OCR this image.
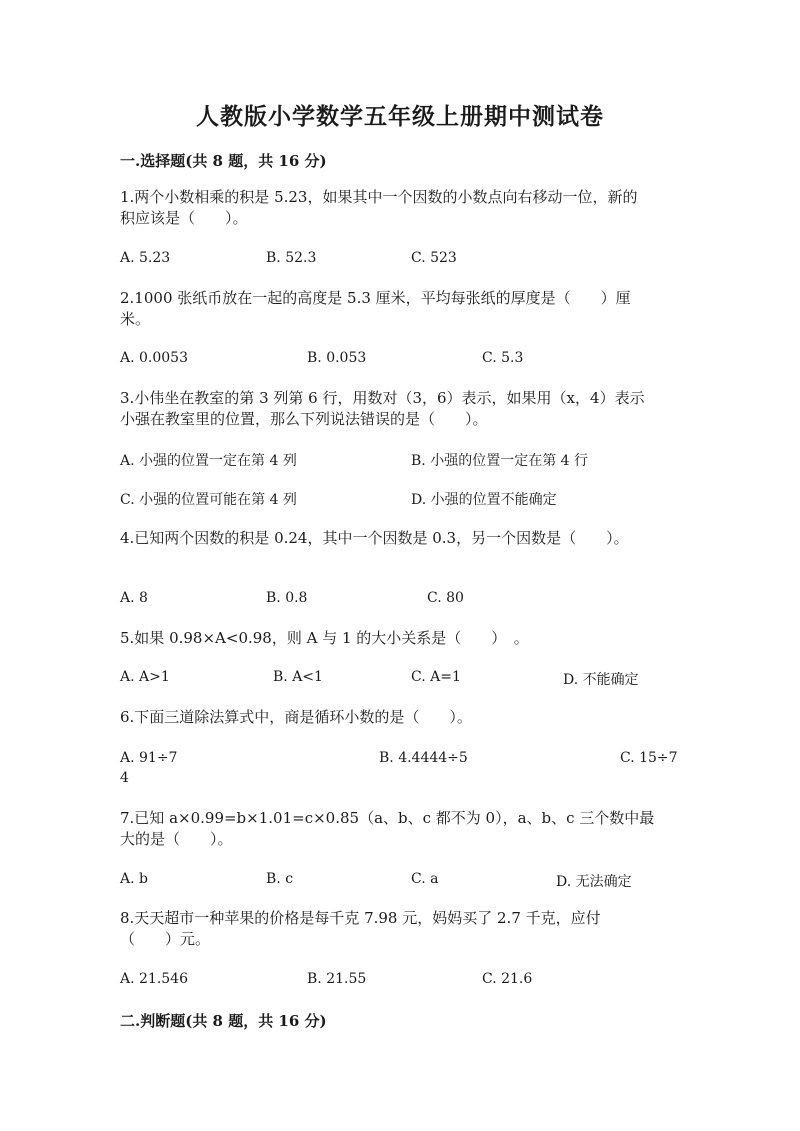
人教版小学数学五年级上册期中测试卷
一.选择题(共 8 题，共 16 分)
1.两个小数相乘的积是 5.23，如果其中一个因数的小数点向右移动一位，新的
积应该是（　　）。
A. 5.23	B. 52.3	C. 523
2.1000 张纸币放在一起的高度是 5.3 厘米，平均每张纸的厚度是（　　）厘
米。
A. 0.0053	B. 0.053	C. 5.3
3.小伟坐在教室的第 3 列第 6 行，用数对（3，6）表示，如果用（x，4）表示
小强在教室里的位置，那么下列说法错误的是（　　）。
A. 小强的位置一定在第 4 列	B. 小强的位置一定在第 4 行
C. 小强的位置可能在第 4 列	D. 小强的位置不能确定
4.已知两个因数的积是 0.24，其中一个因数是 0.3，另一个因数是（　　）。
A. 8	B. 0.8	C. 80
5.如果 0.98×A<0.98，则 A 与 1 的大小关系是（　　）　。
A. A>1	B. A<1	C. A=1	D. 不能确定
6.下面三道除法算式中，商是循环小数的是（　　）。
A. 91÷7	B. 4.4444÷5	C. 15÷7
4
7.已知 a×0.99=b×1.01=c×0.85（a、b、c 都不为 0），a、b、c 三个数中最
大的是（　　）。
A. b	B. c	C. a	D. 无法确定
8.天天超市一种苹果的价格是每千克 7.98 元，妈妈买了 2.7 千克，应付
（　　）元。
A. 21.546	B. 21.55	C. 21.6
二.判断题(共 8 题，共 16 分)
